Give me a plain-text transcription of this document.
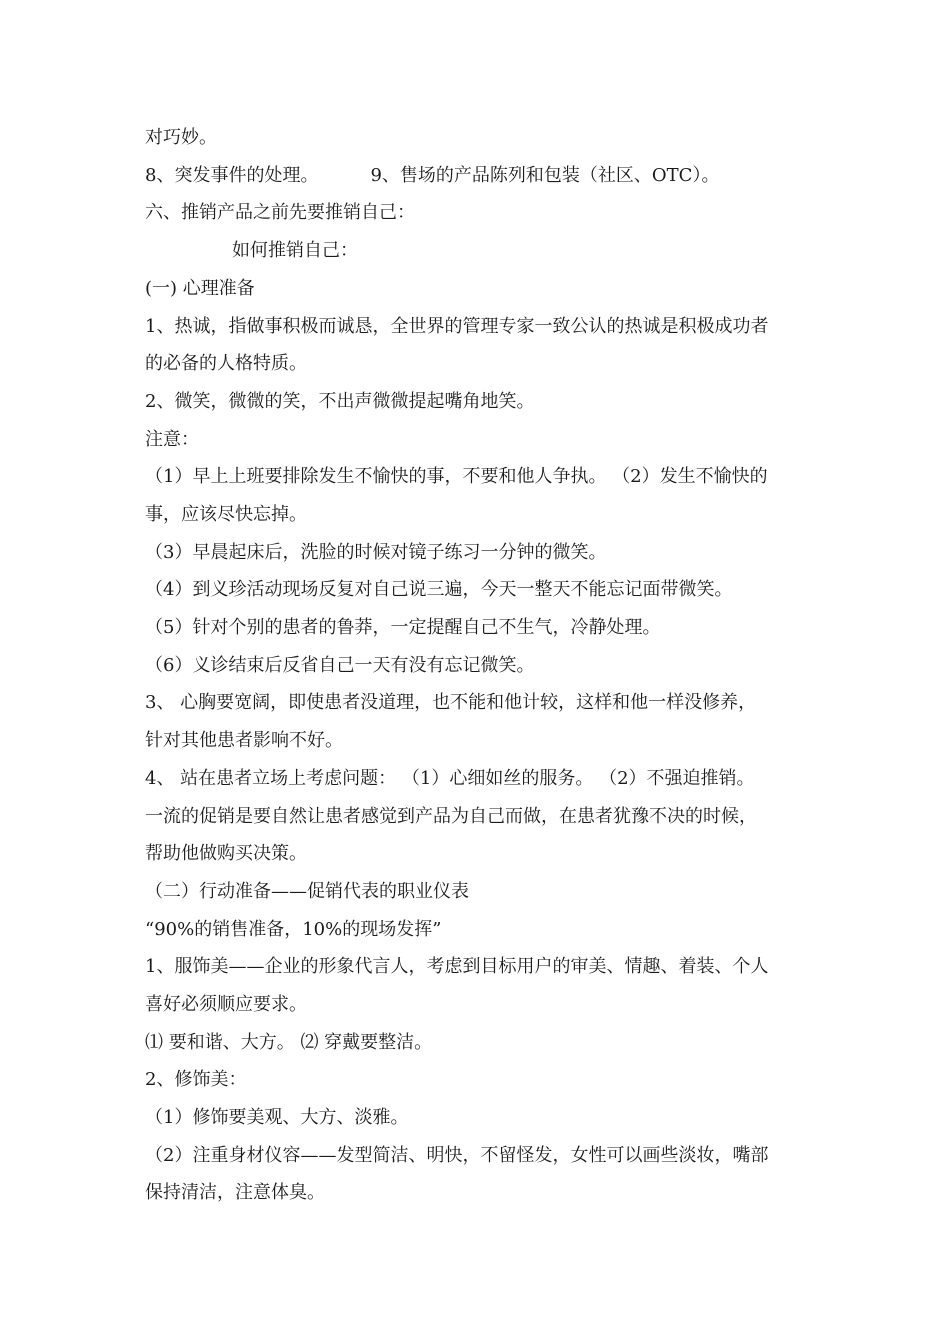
对巧妙。
8、突发事件的处理。	9、售场的产品陈列和包装（社区、OTC）。
六、推销产品之前先要推销自己：
如何推销自己：
(一) 心理准备
1、热诚，指做事积极而诚恳，全世界的管理专家一致公认的热诚是积极成功者
的必备的人格特质。
2、微笑，微微的笑，不出声微微提起嘴角地笑。
注意：
（1）早上上班要排除发生不愉快的事，不要和他人争执。 （2）发生不愉快的
事，应该尽快忘掉。
（3）早晨起床后，洗脸的时候对镜子练习一分钟的微笑。
（4）到义珍活动现场反复对自己说三遍，今天一整天不能忘记面带微笑。
（5）针对个别的患者的鲁莽，一定提醒自己不生气，冷静处理。
（6）义诊结束后反省自己一天有没有忘记微笑。
3、 心胸要宽阔，即使患者没道理，也不能和他计较，这样和他一样没修养，
针对其他患者影响不好。
4、 站在患者立场上考虑问题： （1）心细如丝的服务。 （2）不强迫推销。
一流的促销是要自然让患者感觉到产品为自己而做，在患者犹豫不决的时候，
帮助他做购买决策。
（二）行动准备——促销代表的职业仪表
“90%的销售准备，10%的现场发挥”
1、服饰美——企业的形象代言人，考虑到目标用户的审美、情趣、着装、个人
喜好必须顺应要求。
⑴ 要和谐、大方。 ⑵ 穿戴要整洁。
2、修饰美：
（1）修饰要美观、大方、淡雅。
（2）注重身材仪容——发型简洁、明快，不留怪发，女性可以画些淡妆，嘴部
保持清洁，注意体臭。
